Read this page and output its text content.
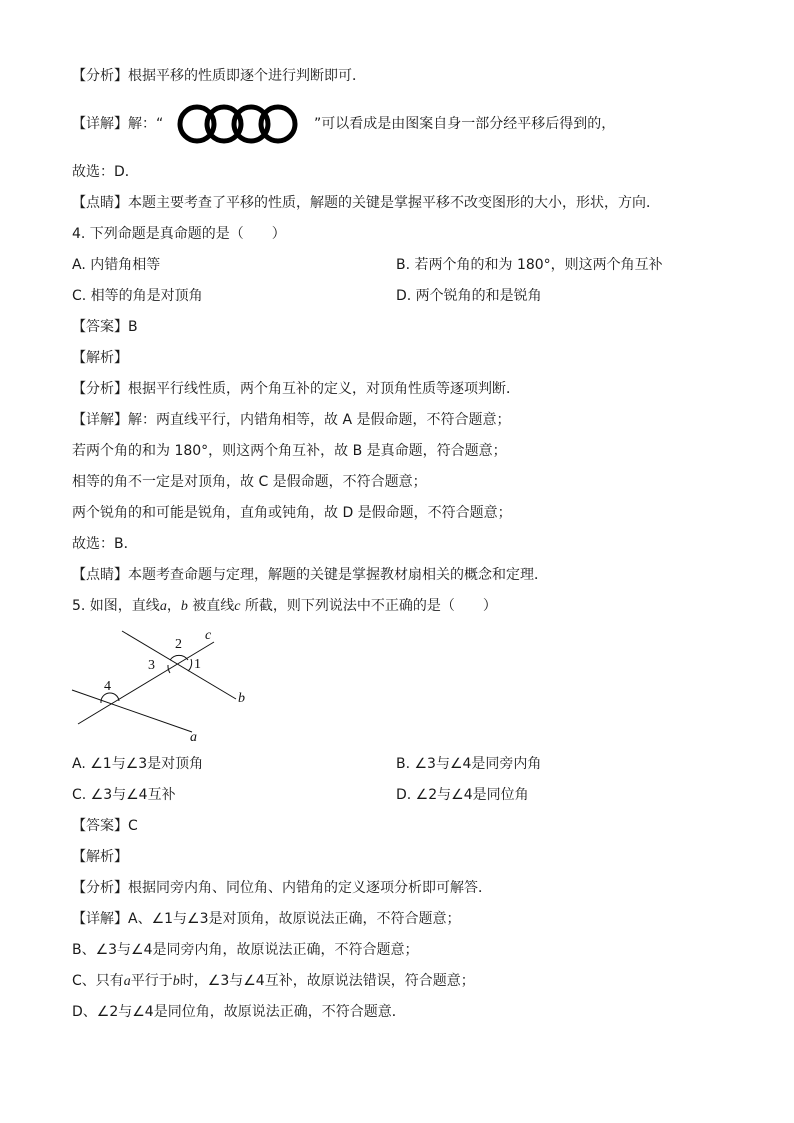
【分析】根据平移的性质即逐个进行判断即可．
【详解】解：“	”可以看成是由图案自身一部分经平移后得到的，
故选：D．
【点睛】本题主要考查了平移的性质，解题的关键是掌握平移不改变图形的大小，形状，方向．
4. 下列命题是真命题的是（　　）
A. 内错角相等	B. 若两个角的和为 180°，则这两个角互补
C. 相等的角是对顶角	D. 两个锐角的和是锐角
【答案】B
【解析】
【分析】根据平行线性质，两个角互补的定义，对顶角性质等逐项判断．
【详解】解：两直线平行，内错角相等，故 A 是假命题，不符合题意；
若两个角的和为 180°，则这两个角互补，故 B 是真命题，符合题意；
相等的角不一定是对顶角，故 C 是假命题，不符合题意；
两个锐角的和可能是锐角，直角或钝角，故 D 是假命题，不符合题意；
故选：B．
【点睛】本题考查命题与定理，解题的关键是掌握教材扇相关的概念和定理．
5. 如图，直线a，b 被直线c 所截，则下列说法中不正确的是（　　）
2
c
3	1
4
b
a
A. ∠1与∠3是对顶角	B. ∠3与∠4是同旁内角
C. ∠3与∠4互补	D. ∠2与∠4是同位角
【答案】C
【解析】
【分析】根据同旁内角、同位角、内错角的定义逐项分析即可解答．
【详解】A、∠1与∠3是对顶角，故原说法正确，不符合题意；
B、∠3与∠4是同旁内角，故原说法正确，不符合题意；
C、只有a平行于b时，∠3与∠4互补，故原说法错误，符合题意；
D、∠2与∠4是同位角，故原说法正确，不符合题意．
